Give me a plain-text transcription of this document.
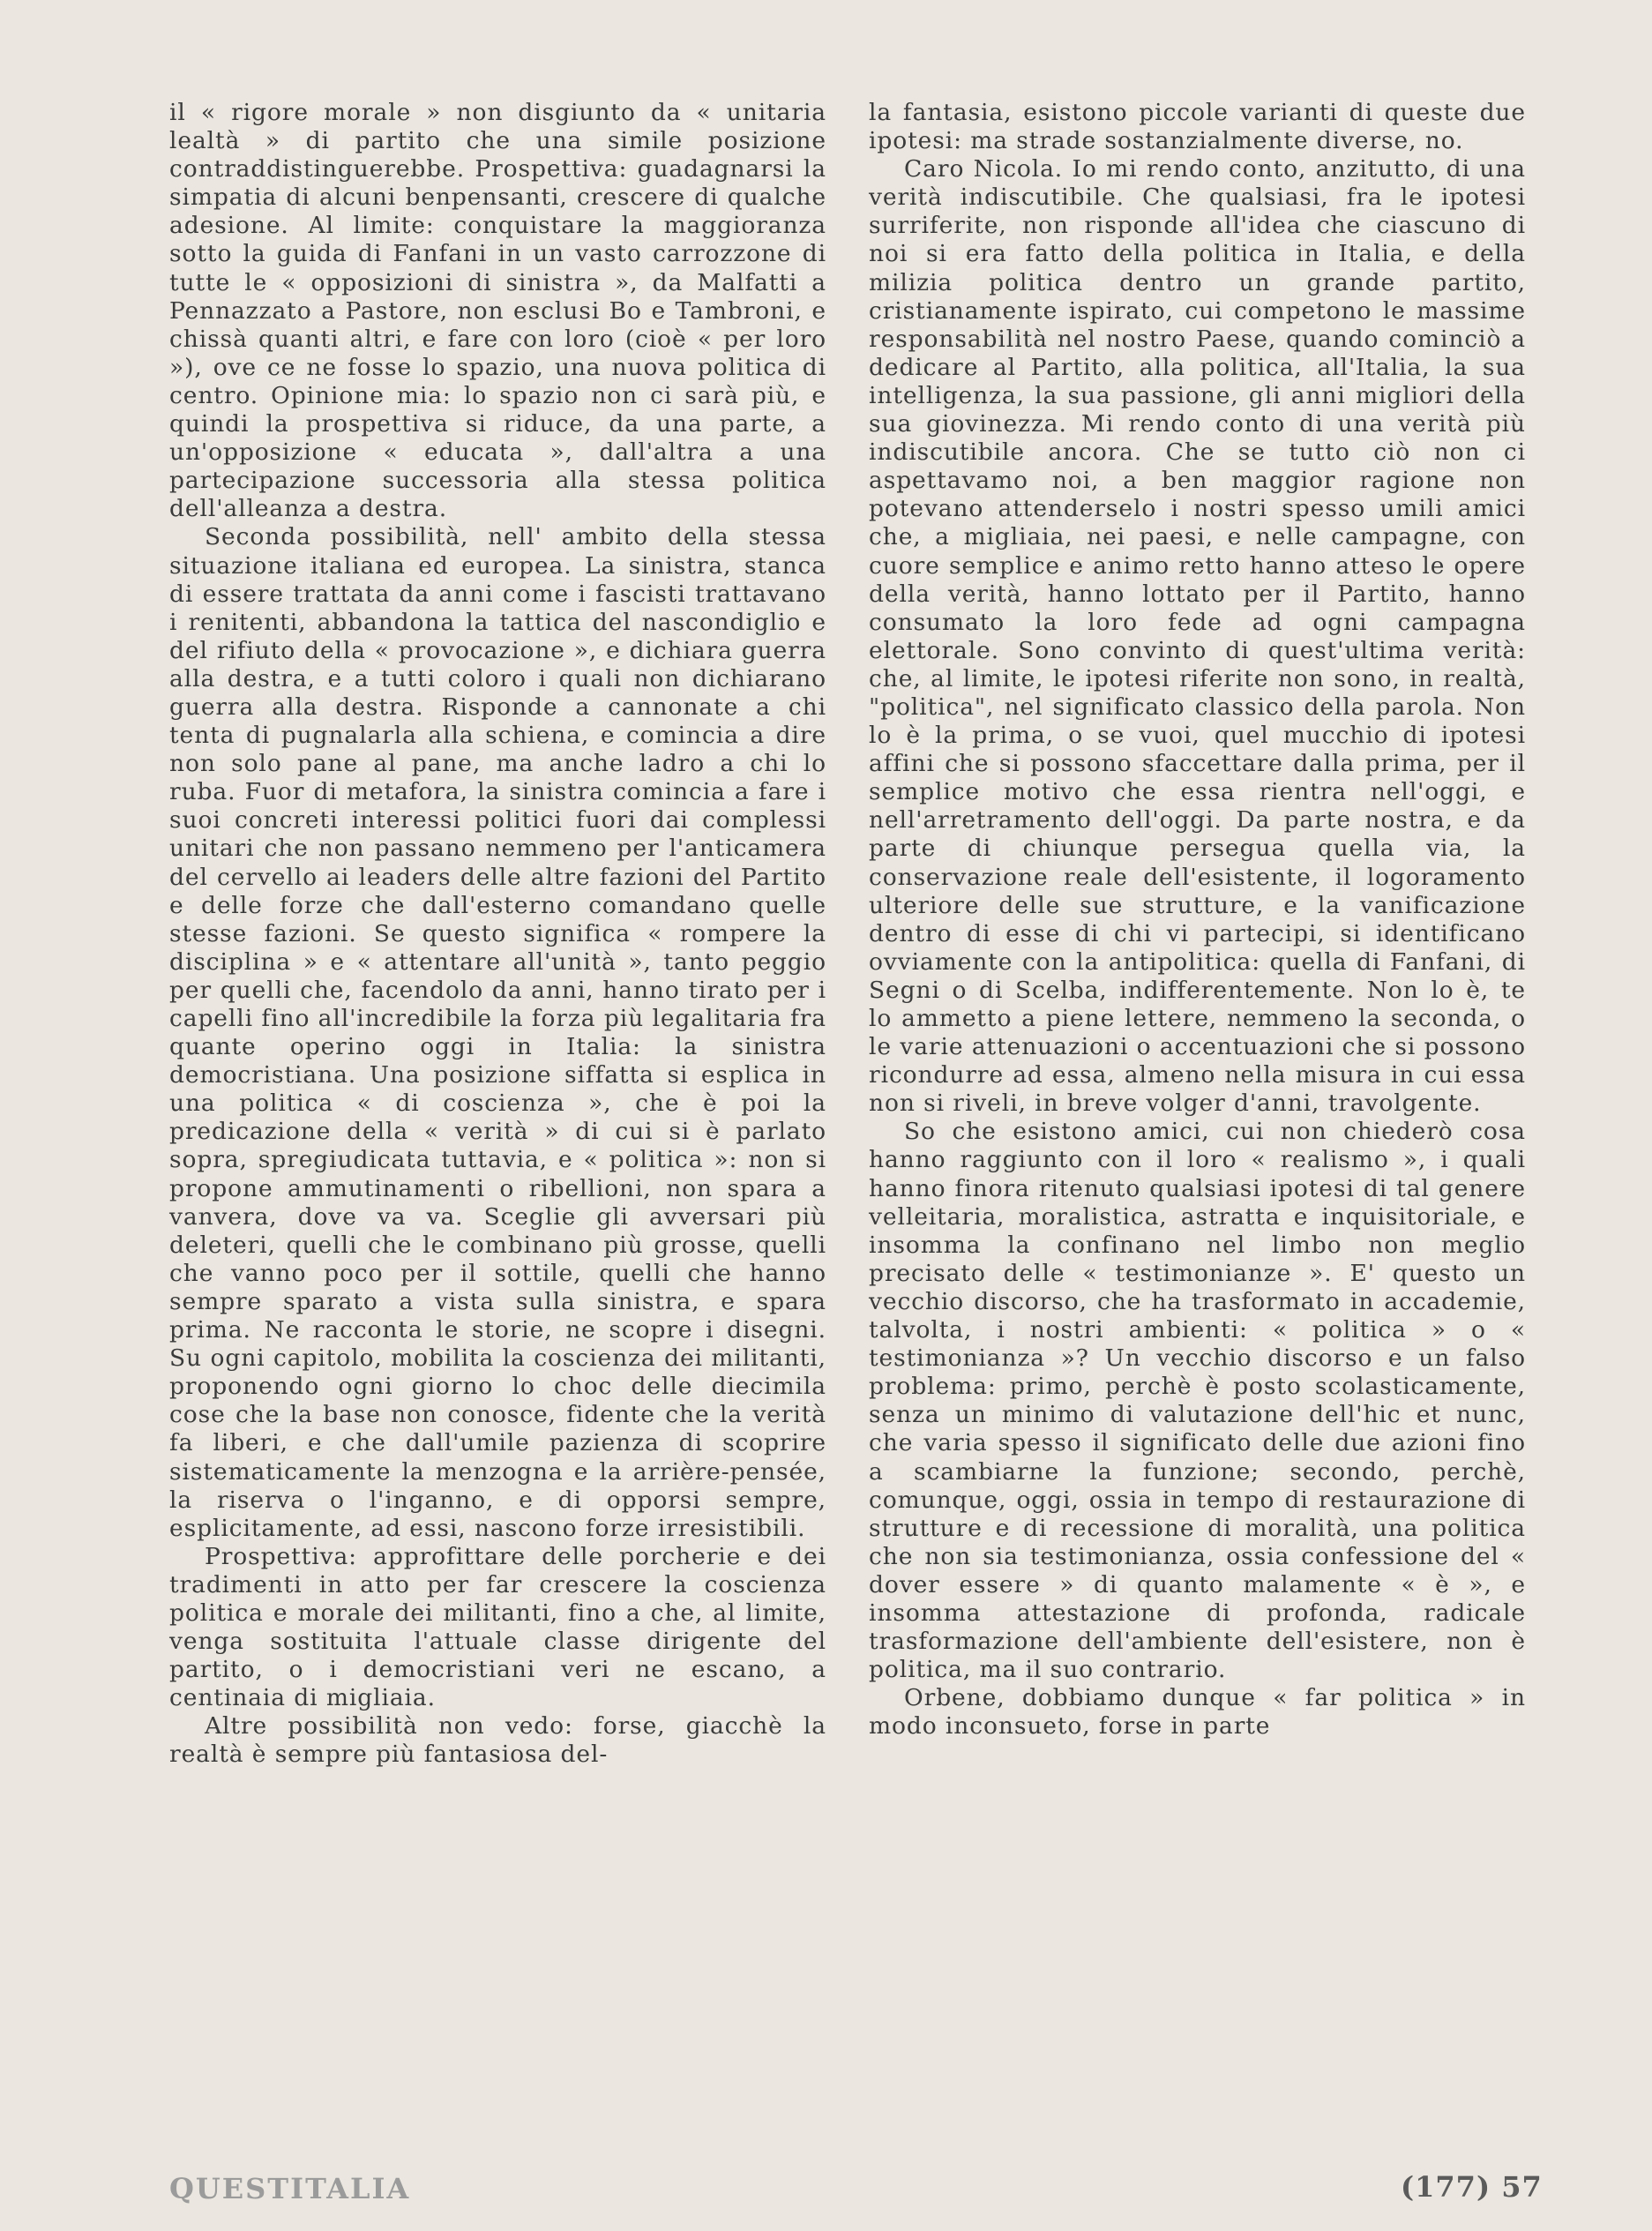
il « rigore morale » non disgiunto da « unitaria lealtà » di partito che una simile posizione contraddistinguerebbe. Prospettiva: guadagnarsi la simpatia di alcuni benpensanti, crescere di qualche adesione. Al limite: conquistare la maggioranza sotto la guida di Fanfani in un vasto carrozzone di tutte le « opposizioni di sinistra », da Malfatti a Pennazzato a Pastore, non esclusi Bo e Tambroni, e chissà quanti altri, e fare con loro (cioè « per loro »), ove ce ne fosse lo spazio, una nuova politica di centro. Opinione mia: lo spazio non ci sarà più, e quindi la prospettiva si riduce, da una parte, a un'opposizione « educata », dall'altra a una partecipazione successoria alla stessa politica dell'alleanza a destra.

Seconda possibilità, nell' ambito della stessa situazione italiana ed europea. La sinistra, stanca di essere trattata da anni come i fascisti trattavano i renitenti, abbandona la tattica del nascondiglio e del rifiuto della « provocazione », e dichiara guerra alla destra, e a tutti coloro i quali non dichiarano guerra alla destra. Risponde a cannonate a chi tenta di pugnalarla alla schiena, e comincia a dire non solo pane al pane, ma anche ladro a chi lo ruba. Fuor di metafora, la sinistra comincia a fare i suoi concreti interessi politici fuori dai complessi unitari che non passano nemmeno per l'anticamera del cervello ai leaders delle altre fazioni del Partito e delle forze che dall'esterno comandano quelle stesse fazioni. Se questo significa « rompere la disciplina » e « attentare all'unità », tanto peggio per quelli che, facendolo da anni, hanno tirato per i capelli fino all'incredibile la forza più legalitaria fra quante operino oggi in Italia: la sinistra democristiana. Una posizione siffatta si esplica in una politica « di coscienza », che è poi la predicazione della « verità » di cui si è parlato sopra, spregiudicata tuttavia, e « politica »: non si propone ammutinamenti o ribellioni, non spara a vanvera, dove va va. Sceglie gli avversari più deleteri, quelli che le combinano più grosse, quelli che vanno poco per il sottile, quelli che hanno sempre sparato a vista sulla sinistra, e spara prima. Ne racconta le storie, ne scopre i disegni. Su ogni capitolo, mobilita la coscienza dei militanti, proponendo ogni giorno lo choc delle diecimila cose che la base non conosce, fidente che la verità fa liberi, e che dall'umile pazienza di scoprire sistematicamente la menzogna e la arrière-pensée, la riserva o l'inganno, e di opporsi sempre, esplicitamente, ad essi, nascono forze irresistibili.

Prospettiva: approfittare delle porcherie e dei tradimenti in atto per far crescere la coscienza politica e morale dei militanti, fino a che, al limite, venga sostituita l'attuale classe dirigente del partito, o i democristiani veri ne escano, a centinaia di migliaia.

Altre possibilità non vedo: forse, giacchè la realtà è sempre più fantasiosa del-

la fantasia, esistono piccole varianti di queste due ipotesi: ma strade sostanzialmente diverse, no.

Caro Nicola. Io mi rendo conto, anzitutto, di una verità indiscutibile. Che qualsiasi, fra le ipotesi surriferite, non risponde all'idea che ciascuno di noi si era fatto della politica in Italia, e della milizia politica dentro un grande partito, cristianamente ispirato, cui competono le massime responsabilità nel nostro Paese, quando cominciò a dedicare al Partito, alla politica, all'Italia, la sua intelligenza, la sua passione, gli anni migliori della sua giovinezza. Mi rendo conto di una verità più indiscutibile ancora. Che se tutto ciò non ci aspettavamo noi, a ben maggior ragione non potevano attenderselo i nostri spesso umili amici che, a migliaia, nei paesi, e nelle campagne, con cuore semplice e animo retto hanno atteso le opere della verità, hanno lottato per il Partito, hanno consumato la loro fede ad ogni campagna elettorale. Sono convinto di quest'ultima verità: che, al limite, le ipotesi riferite non sono, in realtà, "politica", nel significato classico della parola. Non lo è la prima, o se vuoi, quel mucchio di ipotesi affini che si possono sfaccettare dalla prima, per il semplice motivo che essa rientra nell'oggi, e nell'arretramento dell'oggi. Da parte nostra, e da parte di chiunque persegua quella via, la conservazione reale dell'esistente, il logoramento ulteriore delle sue strutture, e la vanificazione dentro di esse di chi vi partecipi, si identificano ovviamente con la antipolitica: quella di Fanfani, di Segni o di Scelba, indifferentemente. Non lo è, te lo ammetto a piene lettere, nemmeno la seconda, o le varie attenuazioni o accentuazioni che si possono ricondurre ad essa, almeno nella misura in cui essa non si riveli, in breve volger d'anni, travolgente.

So che esistono amici, cui non chiederò cosa hanno raggiunto con il loro « realismo », i quali hanno finora ritenuto qualsiasi ipotesi di tal genere velleitaria, moralistica, astratta e inquisitoriale, e insomma la confinano nel limbo non meglio precisato delle « testimonianze ». E' questo un vecchio discorso, che ha trasformato in accademie, talvolta, i nostri ambienti: « politica » o « testimonianza »? Un vecchio discorso e un falso problema: primo, perchè è posto scolasticamente, senza un minimo di valutazione dell'hic et nunc, che varia spesso il significato delle due azioni fino a scambiarne la funzione; secondo, perchè, comunque, oggi, ossia in tempo di restaurazione di strutture e di recessione di moralità, una politica che non sia testimonianza, ossia confessione del « dover essere » di quanto malamente « è », e insomma attestazione di profonda, radicale trasformazione dell'ambiente dell'esistere, non è politica, ma il suo contrario.

Orbene, dobbiamo dunque « far politica » in modo inconsueto, forse in parte

QUESTITALIA	(177) 57
